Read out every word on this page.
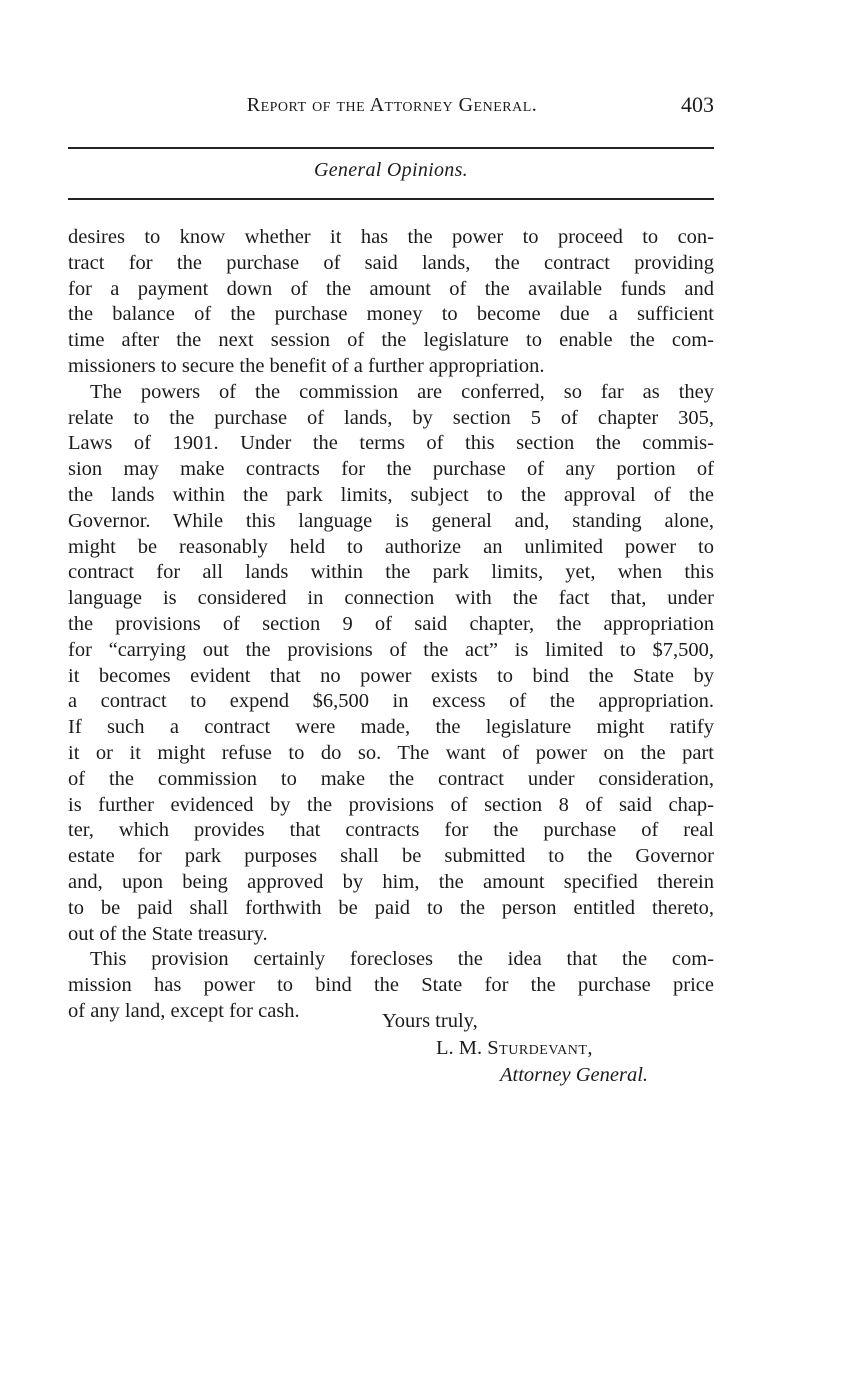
Report of the Attorney General.	403
General Opinions.
desires to know whether it has the power to proceed to con-
tract for the purchase of said lands, the contract providing
for a payment down of the amount of the available funds and
the balance of the purchase money to become due a sufficient
time after the next session of the legislature to enable the com-
missioners to secure the benefit of a further appropriation.
The powers of the commission are conferred, so far as they
relate to the purchase of lands, by section 5 of chapter 305,
Laws of 1901. Under the terms of this section the commis-
sion may make contracts for the purchase of any portion of
the lands within the park limits, subject to the approval of the
Governor. While this language is general and, standing alone,
might be reasonably held to authorize an unlimited power to
contract for all lands within the park limits, yet, when this
language is considered in connection with the fact that, under
the provisions of section 9 of said chapter, the appropriation
for “carrying out the provisions of the act” is limited to $7,500,
it becomes evident that no power exists to bind the State by
a contract to expend $6,500 in excess of the appropriation.
If such a contract were made, the legislature might ratify
it or it might refuse to do so. The want of power on the part
of the commission to make the contract under consideration,
is further evidenced by the provisions of section 8 of said chap-
ter, which provides that contracts for the purchase of real
estate for park purposes shall be submitted to the Governor
and, upon being approved by him, the amount specified therein
to be paid shall forthwith be paid to the person entitled thereto,
out of the State treasury.
This provision certainly forecloses the idea that the com-
mission has power to bind the State for the purchase price
of any land, except for cash.	Yours truly,
L. M. Sturdevant,
Attorney General.
